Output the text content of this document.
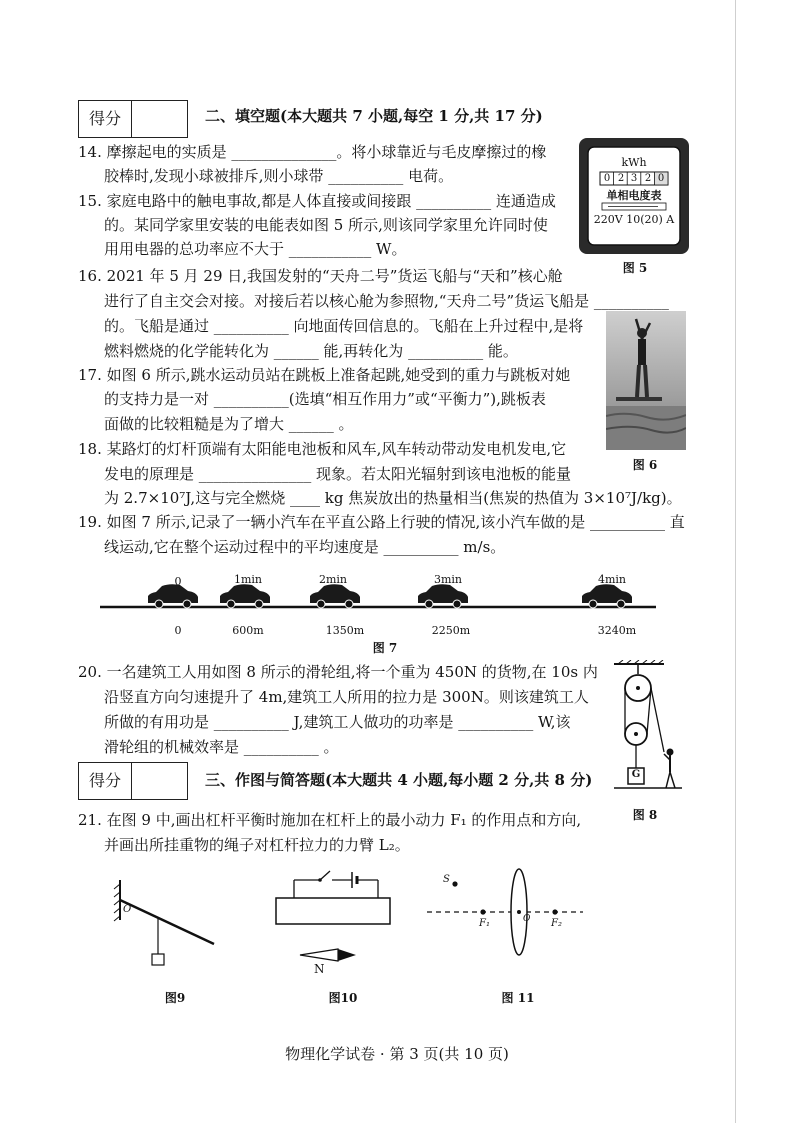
得分	二、填空题(本大题共 7 小题,每空 1 分,共 17 分)
14. 摩擦起电的实质是 ______________。将小球靠近与毛皮摩擦过的橡
胶棒时,发现小球被排斥,则小球带 __________ 电荷。
15. 家庭电路中的触电事故,都是人体直接或间接跟 __________ 连通造成
的。某同学家里安装的电能表如图 5 所示,则该同学家里允许同时使
用用电器的总功率应不大于 ___________ W。
kWh
0 2 3 2 0
单相电度表
220V 10(20) A
图 5
16. 2021 年 5 月 29 日,我国发射的“天舟二号”货运飞船与“天和”核心舱
进行了自主交会对接。对接后若以核心舱为参照物,“天舟二号”货运飞船是 __________
的。飞船是通过 __________ 向地面传回信息的。飞船在上升过程中,是将
燃料燃烧的化学能转化为 ______ 能,再转化为 __________ 能。
图 6
17. 如图 6 所示,跳水运动员站在跳板上准备起跳,她受到的重力与跳板对她
的支持力是一对 __________(选填“相互作用力”或“平衡力”),跳板表
面做的比较粗糙是为了增大 ______ 。
18. 某路灯的灯杆顶端有太阳能电池板和风车,风车转动带动发电机发电,它
发电的原理是 _______________ 现象。若太阳光辐射到该电池板的能量
为 2.7×10⁷J,这与完全燃烧 ____ kg 焦炭放出的热量相当(焦炭的热值为 3×10⁷J/kg)。
19. 如图 7 所示,记录了一辆小汽车在平直公路上行驶的情况,该小汽车做的是 __________ 直
线运动,它在整个运动过程中的平均速度是 __________ m/s。
0	1min	2min	3min	4min
0	600m	1350m	2250m	3240m
图 7
20. 一名建筑工人用如图 8 所示的滑轮组,将一个重为 450N 的货物,在 10s 内
沿竖直方向匀速提升了 4m,建筑工人所用的拉力是 300N。则该建筑工人
所做的有用功是 __________ J,建筑工人做功的功率是 __________ W,该
滑轮组的机械效率是 __________ 。
G
图 8
得分	三、作图与简答题(本大题共 4 小题,每小题 2 分,共 8 分)
21. 在图 9 中,画出杠杆平衡时施加在杠杆上的最小动力 F₁ 的作用点和方向,
并画出所挂重物的绳子对杠杆拉力的力臂 L₂。
O
图9
N
图10
S
F₁	O F₂
图 11
物理化学试卷 · 第 3 页(共 10 页)
